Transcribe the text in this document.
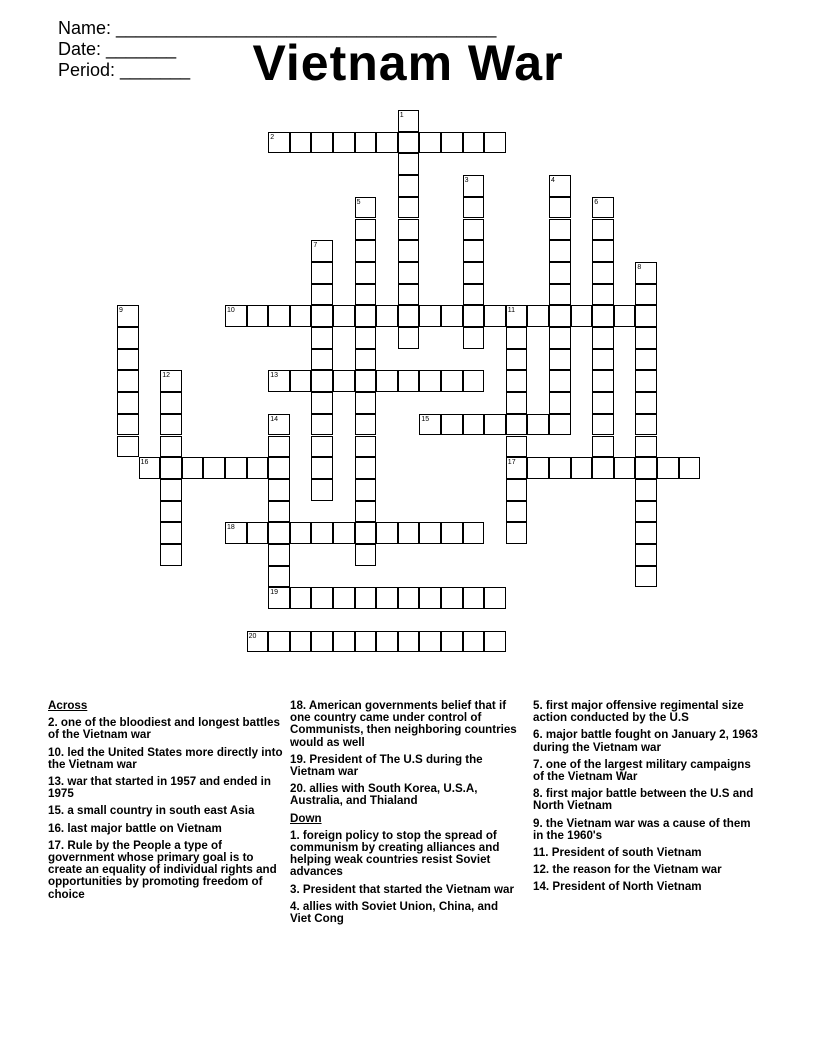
Name: ______________________________________
Date: _______
Period: _______	Vietnam War
2
10	11
13
15
16	17
18
19
20
1
3	4
5	6
7
8
9
12
14
Across
2. one of the bloodiest and longest battles of the Vietnam war
10. led the United States more directly into the Vietnam war
13. war that started in 1957 and ended in 1975
15. a small country in south east Asia
16. last major battle on Vietnam
17. Rule by the People a type of government whose primary goal is to create an equality of individual rights and opportunities by promoting freedom of choice
18. American governments belief that if one country came under control of Communists, then neighboring countries would as well
19. President of The U.S during the Vietnam war
20. allies with South Korea, U.S.A, Australia, and Thialand
Down
1. foreign policy to stop the spread of communism by creating alliances and helping weak countries resist Soviet advances
3. President that started the Vietnam war
4. allies with Soviet Union, China, and Viet Cong
5. first major offensive regimental size action conducted by the U.S
6. major battle fought on January 2, 1963 during the Vietnam war
7. one of the largest military campaigns of the Vietnam War
8. first major battle between the U.S and North Vietnam
9. the Vietnam war was a cause of them in the 1960's
11. President of south Vietnam
12. the reason for the Vietnam war
14. President of North Vietnam
